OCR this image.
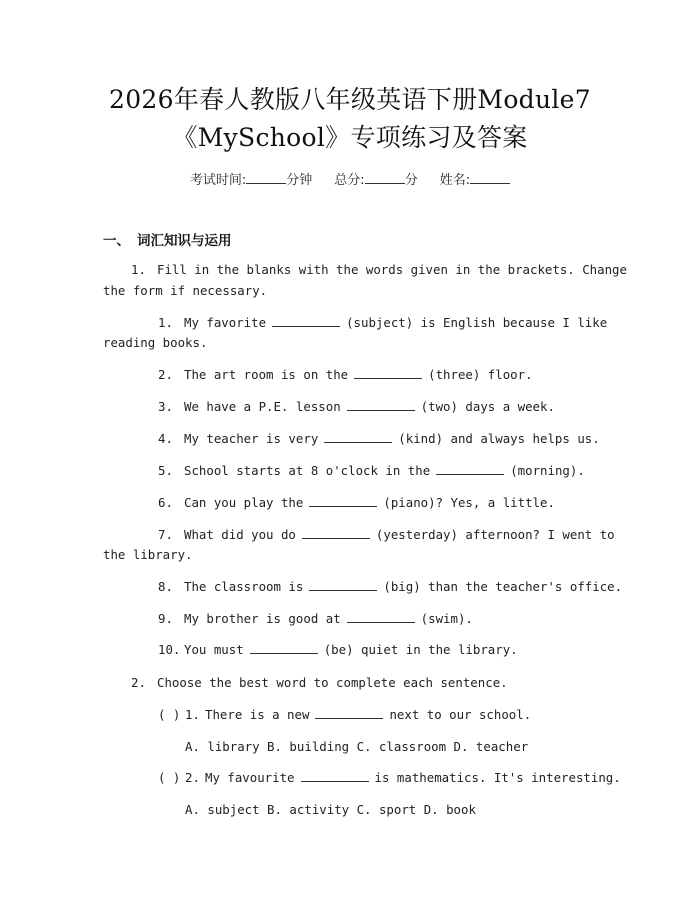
2026年春人教版八年级英语下册Module7
《MySchool》专项练习及答案
考试时间:	分钟 总分:	分 姓名:
一、 词汇知识与运用
1. Fill in the blanks with the words given in the brackets. Change
the form if necessary.
1. My favorite	(subject) is English because I like
reading books.
2. The art room is on the	(three) floor.
3. We have a P.E. lesson	(two) days a week.
4. My teacher is very	(kind) and always helps us.
5. School starts at 8 o'clock in the	(morning).
6. Can you play the	(piano)? Yes, a little.
7. What did you do	(yesterday) afternoon? I went to
the library.
8. The classroom is	(big) than the teacher's office.
9. My brother is good at	(swim).
10. You must	(be) quiet in the library.
2. Choose the best word to complete each sentence.
( ) 1. There is a new	next to our school.
A. library B. building C. classroom D. teacher
( ) 2. My favourite	is mathematics. It's interesting.
A. subject B. activity C. sport D. book
